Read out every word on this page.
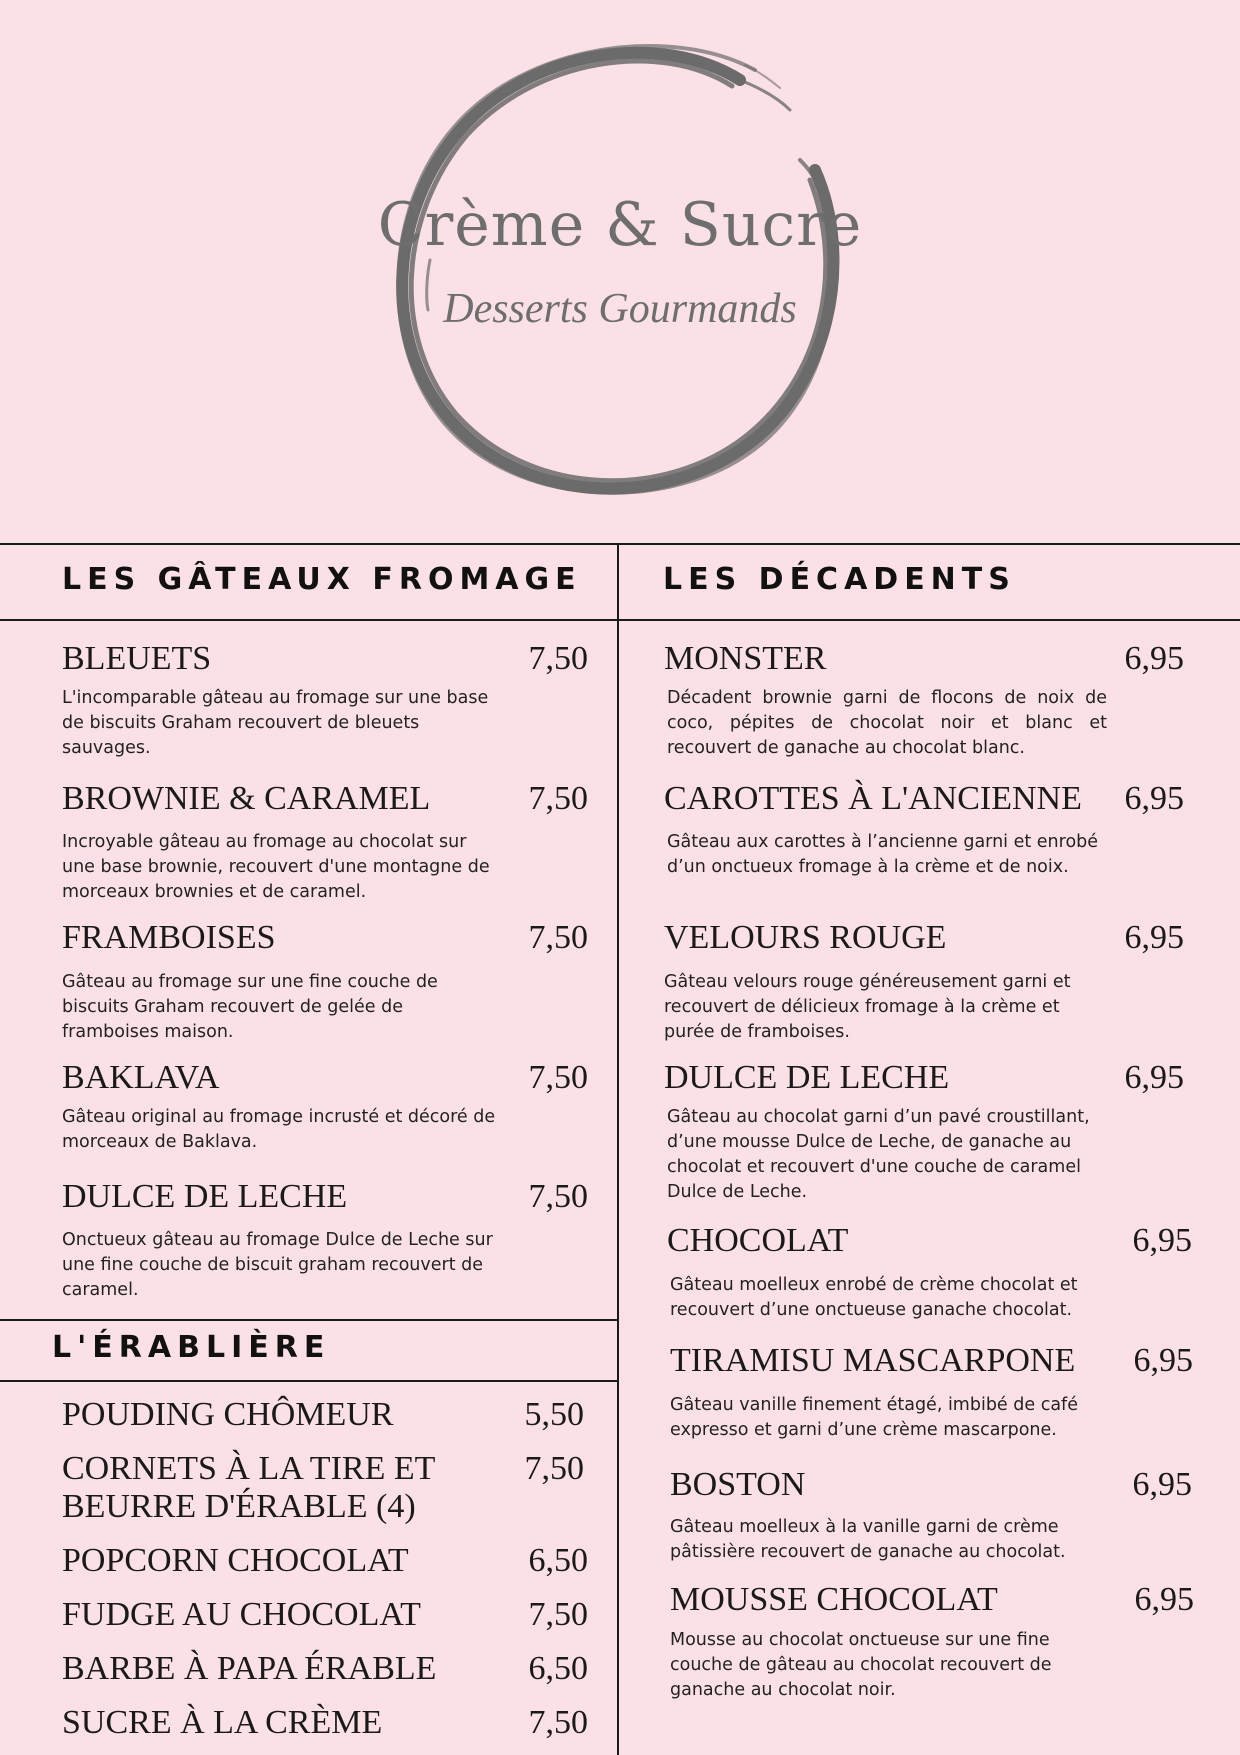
Crème & Sucre
Desserts Gourmands
LES GÂTEAUX FROMAGE	LES DÉCADENTS
L'ÉRABLIÈRE
BLEUETS	7,50
L'incomparable gâteau au fromage sur une base de biscuits Graham recouvert de bleuets sauvages.
BROWNIE & CARAMEL	7,50
Incroyable gâteau au fromage au chocolat sur une base brownie, recouvert d'une montagne de morceaux brownies et de caramel.
FRAMBOISES	7,50
Gâteau au fromage sur une fine couche de biscuits Graham recouvert de gelée de framboises maison.
BAKLAVA	7,50
Gâteau original au fromage incrusté et décoré de morceaux de Baklava.
DULCE DE LECHE	7,50
Onctueux gâteau au fromage Dulce de Leche sur une fine couche de biscuit graham recouvert de caramel.
POUDING CHÔMEUR	5,50
CORNETS À LA TIRE ET
BEURRE D'ÉRABLE (4)
7,50
POPCORN CHOCOLAT	6,50
FUDGE AU CHOCOLAT	7,50
BARBE À PAPA ÉRABLE	6,50
SUCRE À LA CRÈME	7,50
MONSTER	6,95
Décadent brownie garni de flocons de noix de coco, pépites de chocolat noir et blanc et recouvert de ganache au chocolat blanc.
CAROTTES À L'ANCIENNE	6,95
Gâteau aux carottes à l’ancienne garni et enrobé d’un onctueux fromage à la crème et de noix.
VELOURS ROUGE	6,95
Gâteau velours rouge généreusement garni et recouvert de délicieux fromage à la crème et purée de framboises.
DULCE DE LECHE	6,95
Gâteau au chocolat garni d’un pavé croustillant, d’une mousse Dulce de Leche, de ganache au chocolat et recouvert d'une couche de caramel Dulce de Leche.
CHOCOLAT	6,95
Gâteau moelleux enrobé de crème chocolat et recouvert d’une onctueuse ganache chocolat.
TIRAMISU MASCARPONE	6,95
Gâteau vanille finement étagé, imbibé de café expresso et garni d’une crème mascarpone.
BOSTON	6,95
Gâteau moelleux à la vanille garni de crème pâtissière recouvert de ganache au chocolat.
MOUSSE CHOCOLAT	6,95
Mousse au chocolat onctueuse sur une fine couche de gâteau au chocolat recouvert de ganache au chocolat noir.
